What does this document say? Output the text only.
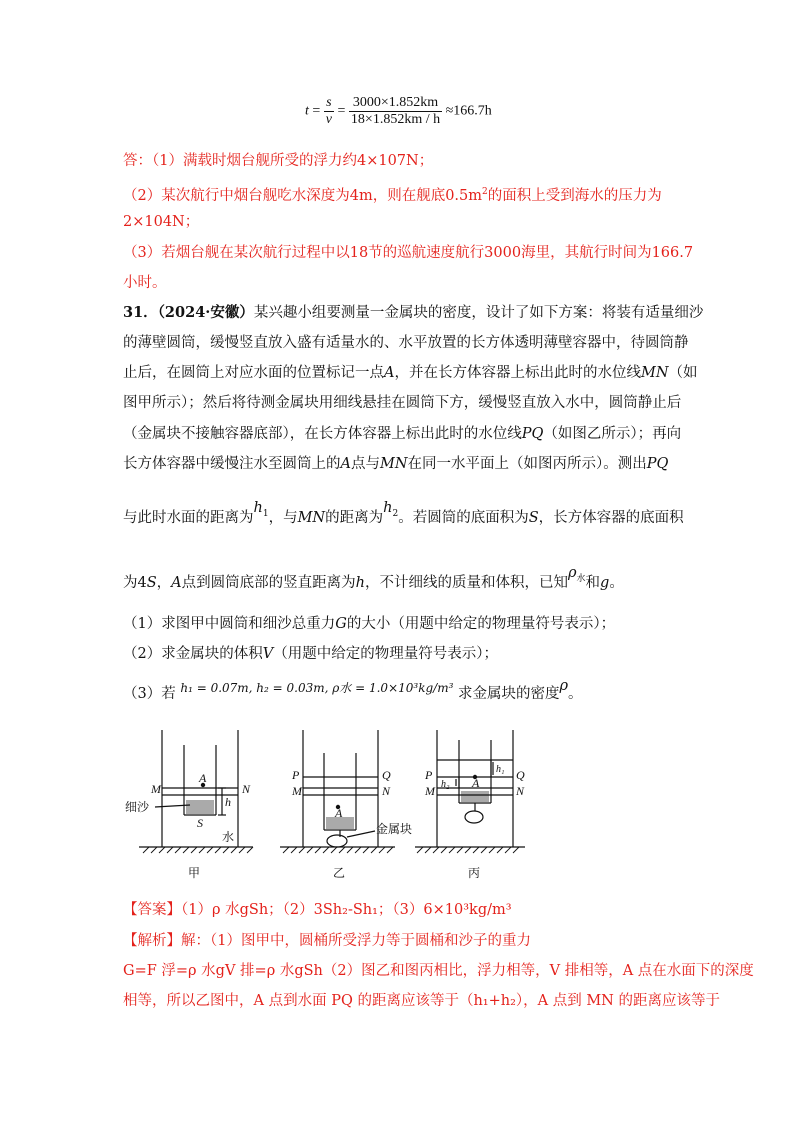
$t = \frac{s}{v} = \frac{3000\times 1.852km}{18\times 1.852km / h} \approx 166.7h$
答：（1）满载时烟台舰所受的浮力约4×107N；
（2）某次航行中烟台舰吃水深度为4m，则在舰底$0.5m^2$的面积上受到海水的压力为
2×104N；
（3）若烟台舰在某次航行过程中以18节的巡航速度航行3000海里，其航行时间为166.7
小时。
31．（2024·安徽）某兴趣小组要测量一金属块的密度，设计了如下方案：将装有适量细沙
的薄壁圆筒，缓慢竖直放入盛有适量水的、水平放置的长方体透明薄壁容器中，待圆筒静
止后，在圆筒上对应水面的位置标记一点A，并在长方体容器上标出此时的水位线MN（如
图甲所示）；然后将待测金属块用细线悬挂在圆筒下方，缓慢竖直放入水中，圆筒静止后
（金属块不接触容器底部），在长方体容器上标出此时的水位线PQ（如图乙所示）；再向
长方体容器中缓慢注水至圆筒上的A点与MN在同一水平面上（如图丙所示）。测出PQ
与此时水面的距离为$h_1$，与MN的距离为$h_2$。若圆筒的底面积为S，长方体容器的底面积
为4S，A点到圆筒底部的竖直距离为h，不计细线的质量和体积，已知$\rho_水$和g。
（1）求图甲中圆筒和细沙总重力G的大小（用题中给定的物理量符号表示）；
（2）求金属块的体积V（用题中给定的物理量符号表示）；
（3）若 $^{h_1 = 0.07m, h_2 = 0.03m, \rho 水 = 1.0\times 10^3kg/m^3}$ 求金属块的密度ρ。
M	N
A
h
S
P	Q
M	N
A
P	Q
M	N
A
h₁
h₂
细沙
水
金属块
甲	乙	丙
【答案】（1）ρ 水gSh；（2）3Sh₂-Sh₁；（3）6×10³kg/m³
【解析】解：（1）图甲中，圆桶所受浮力等于圆桶和沙子的重力
G=F 浮=ρ 水gV 排=ρ 水gSh（2）图乙和图丙相比，浮力相等，V 排相等，A 点在水面下的深度
相等，所以乙图中，A 点到水面 PQ 的距离应该等于（h₁+h₂），A 点到 MN 的距离应该等于
